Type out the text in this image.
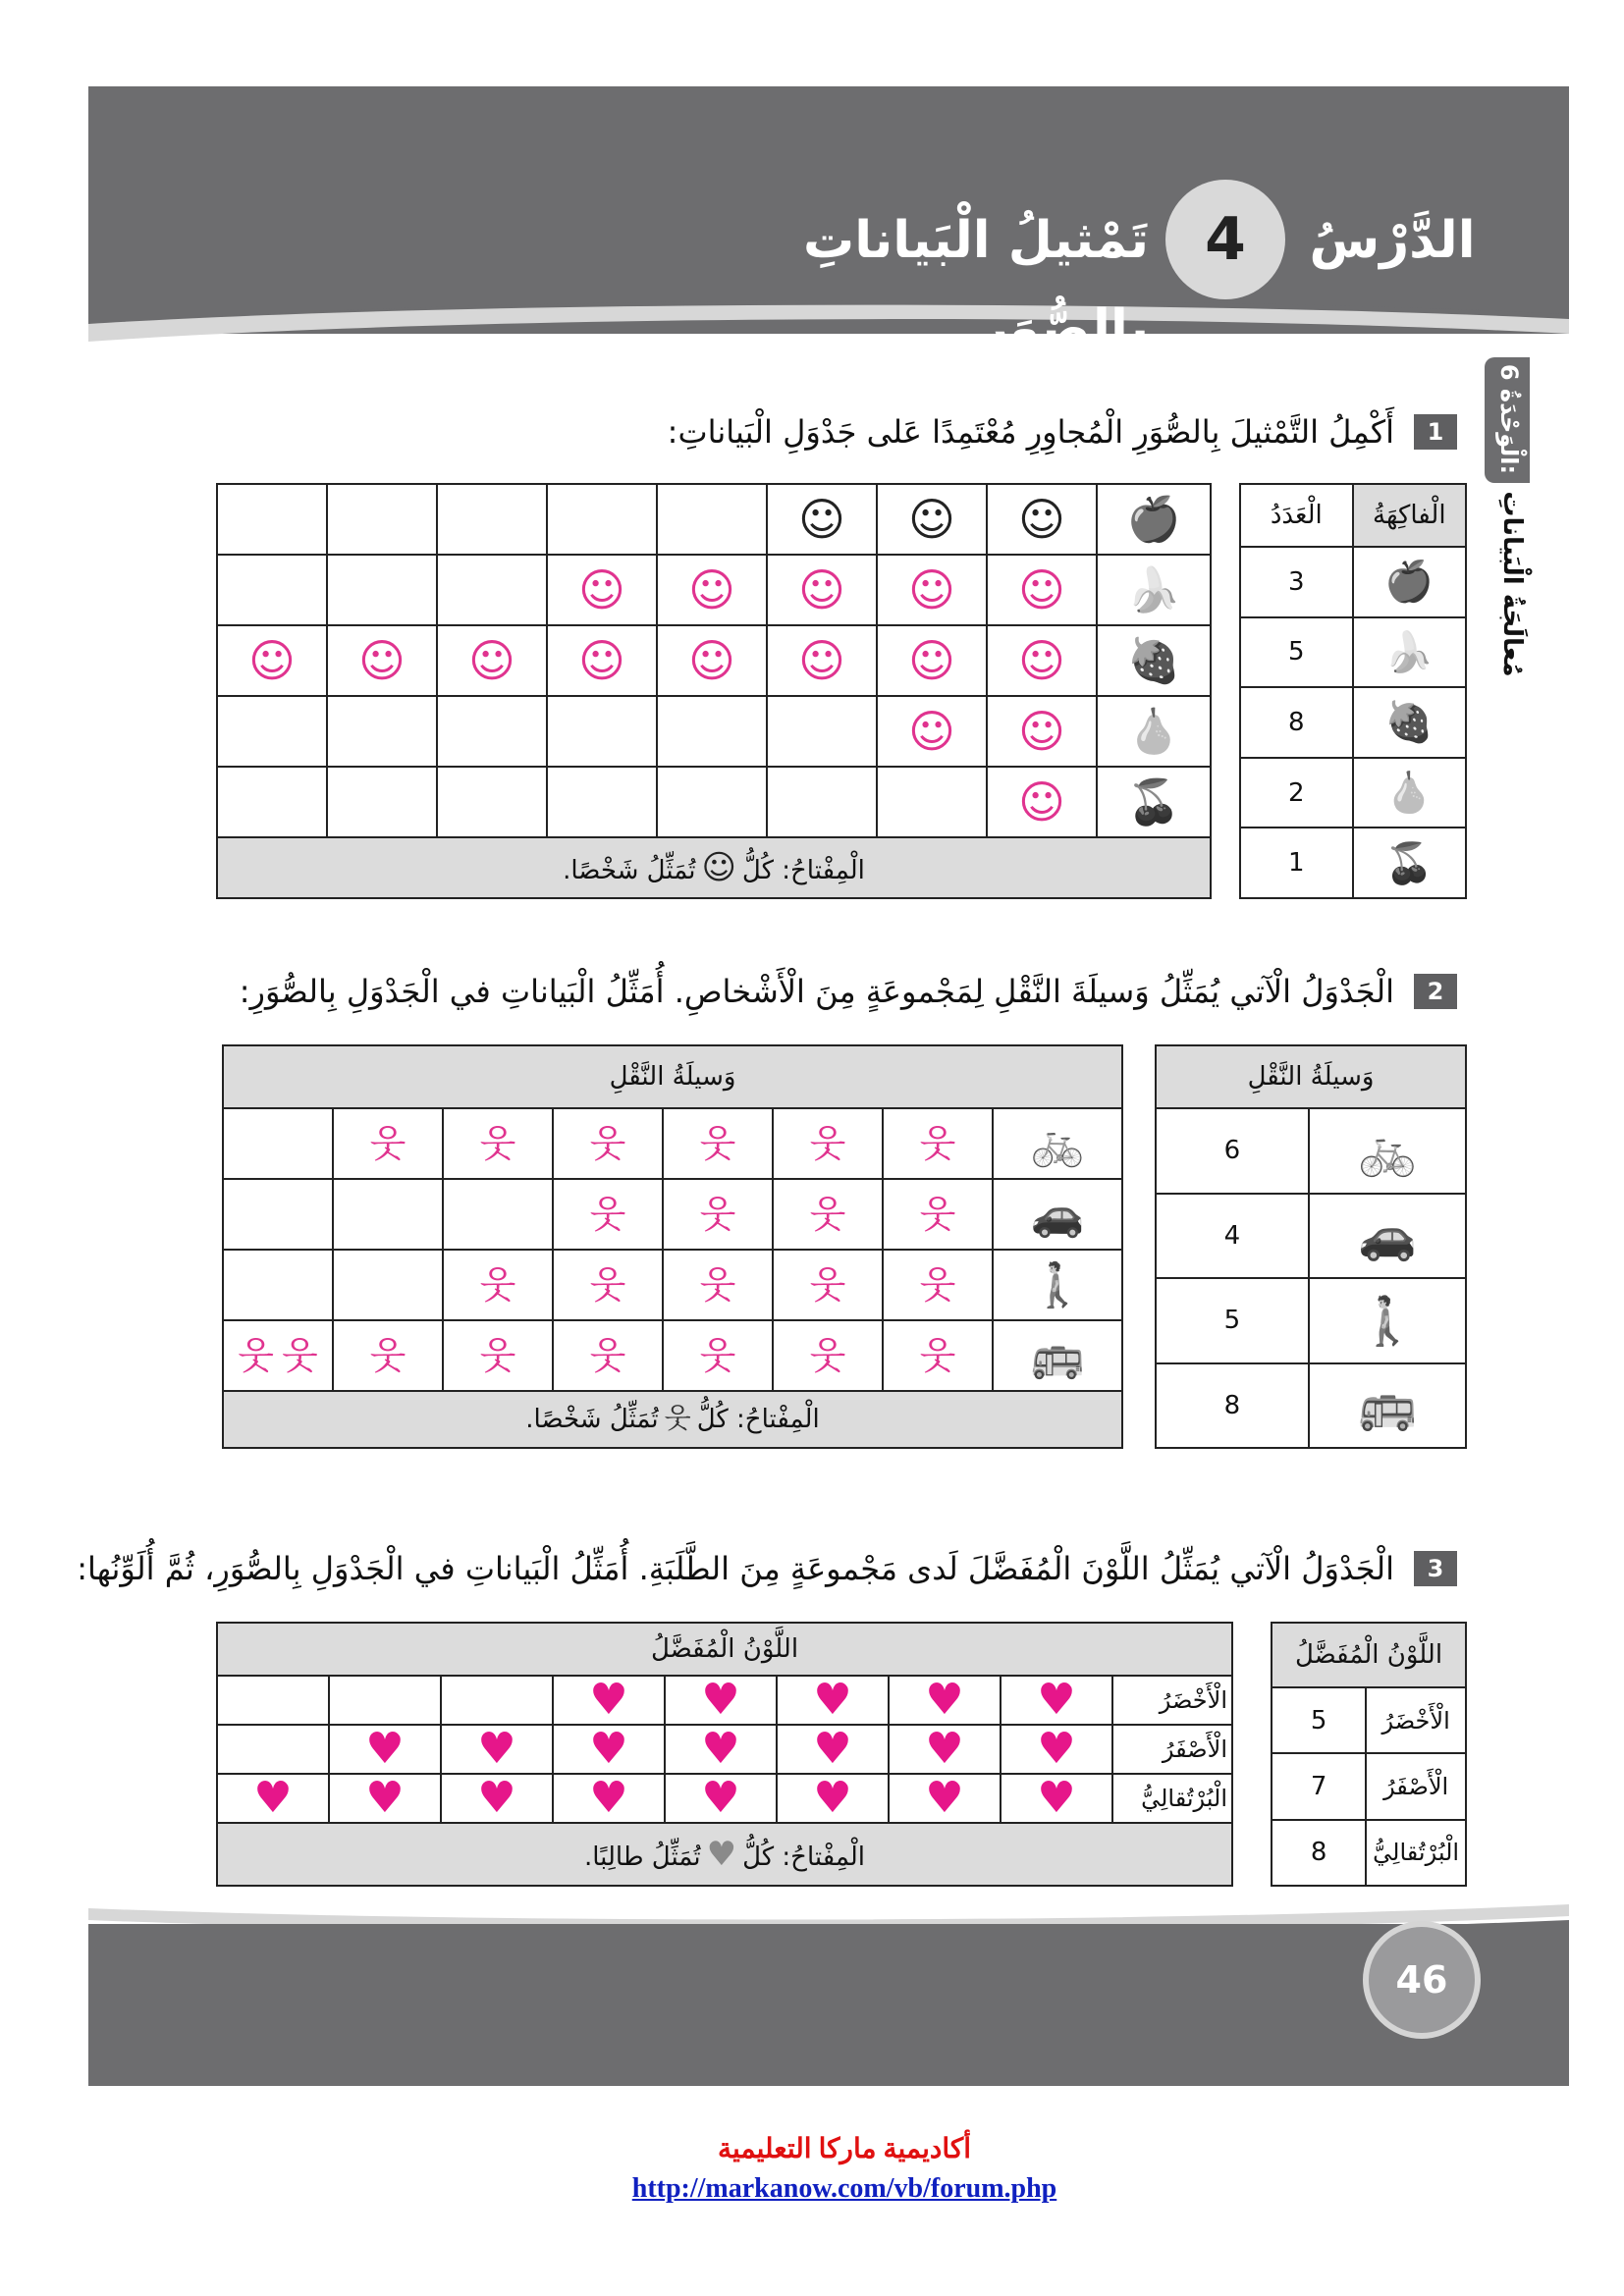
الدَّرْسُ
4
تَمْثيلُ الْبَياناتِ بِالصُّوَرِ
الْوَحْدَةُ 6:
مُعالَجَةُ الْبَياناتِ
1
أَكْمِلُ التَّمْثيلَ بِالصُّوَرِ الْمُجاوِرِ مُعْتَمِدًا عَلى جَدْوَلِ الْبَياناتِ:
الْعَدَدُ	الْفاكِهَةُ
3	🍎
5	🍌
8	🍓
2	🍐
1	🍒
					☺	☺	☺	🍎
			☺	☺	☺	☺	☺	🍌
☺	☺	☺	☺	☺	☺	☺	☺	🍓
						☺	☺	🍐
							☺	🍒

الْمِفْتاحُ: كُلُّ☺تُمَثِّلُ شَخْصًا.								
2
الْجَدْوَلُ الْآتي يُمَثِّلُ وَسيلَةَ النَّقْلِ لِمَجْموعَةٍ مِنَ الْأَشْخاصِ. أُمَثِّلُ الْبَياناتِ في الْجَدْوَلِ بِالصُّوَرِ:
وَسيلَةُ النَّقْلِ	
6	🚲
4	🚗
5	🚶
8	🚌
وَسيلَةُ النَّقْلِ							
	웃	웃	웃	웃	웃	웃	🚲
			웃	웃	웃	웃	🚗
		웃	웃	웃	웃	웃	🚶
웃 웃	웃	웃	웃	웃	웃	웃	🚌

الْمِفْتاحُ: كُلُّ웃تُمَثِّلُ شَخْصًا.							
3
الْجَدْوَلُ الْآتي يُمَثِّلُ اللَّوْنَ الْمُفَضَّلَ لَدى مَجْموعَةٍ مِنَ الطَّلَبَةِ. أُمَثِّلُ الْبَياناتِ في الْجَدْوَلِ بِالصُّوَرِ، ثُمَّ أُلَوِّنُها:
اللَّوْنُ الْمُفَضَّلُ	
5	الْأَخْضَرُ
7	الْأَصْفَرُ
8	الْبُرْتُقالِيُّ
اللَّوْنُ الْمُفَضَّلُ								
			♥	♥	♥	♥	♥	الْأَخْضَرُ
	♥	♥	♥	♥	♥	♥	♥	الْأَصْفَرُ
♥	♥	♥	♥	♥	♥	♥	♥	الْبُرْتُقالِيُّ

الْمِفْتاحُ: كُلُّ♥تُمَثِّلُ طالِبًا.								
46
أكاديمية ماركا التعليمية
http://markanow.com/vb/forum.php
